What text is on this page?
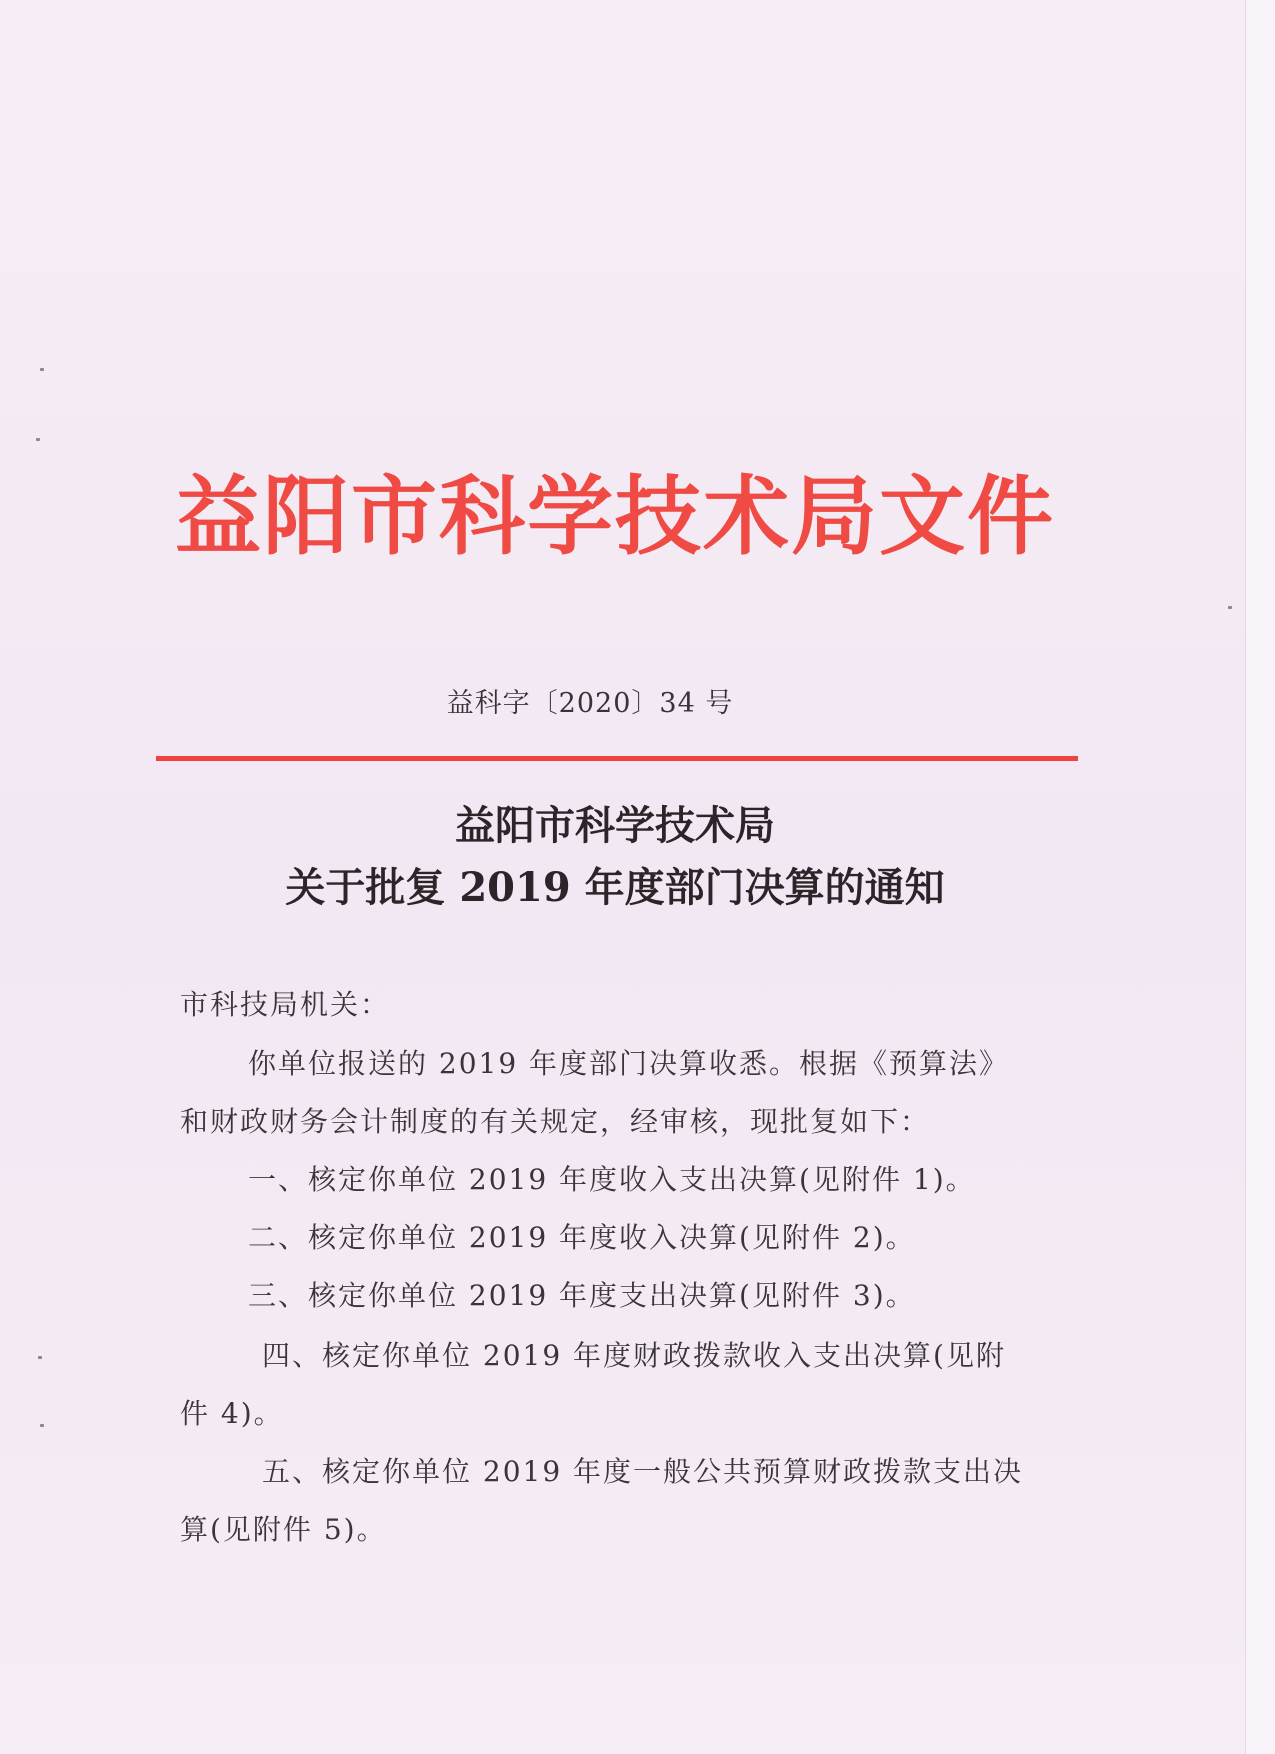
益阳市科学技术局文件
益科字〔2020〕34 号
益阳市科学技术局
关于批复 2019 年度部门决算的通知
市科技局机关：
你单位报送的 2019 年度部门决算收悉。根据《预算法》
和财政财务会计制度的有关规定，经审核，现批复如下：
一、核定你单位 2019 年度收入支出决算(见附件 1)。
二、核定你单位 2019 年度收入决算(见附件 2)。
三、核定你单位 2019 年度支出决算(见附件 3)。
四、核定你单位 2019 年度财政拨款收入支出决算(见附
件 4)。
五、核定你单位 2019 年度一般公共预算财政拨款支出决
算(见附件 5)。
